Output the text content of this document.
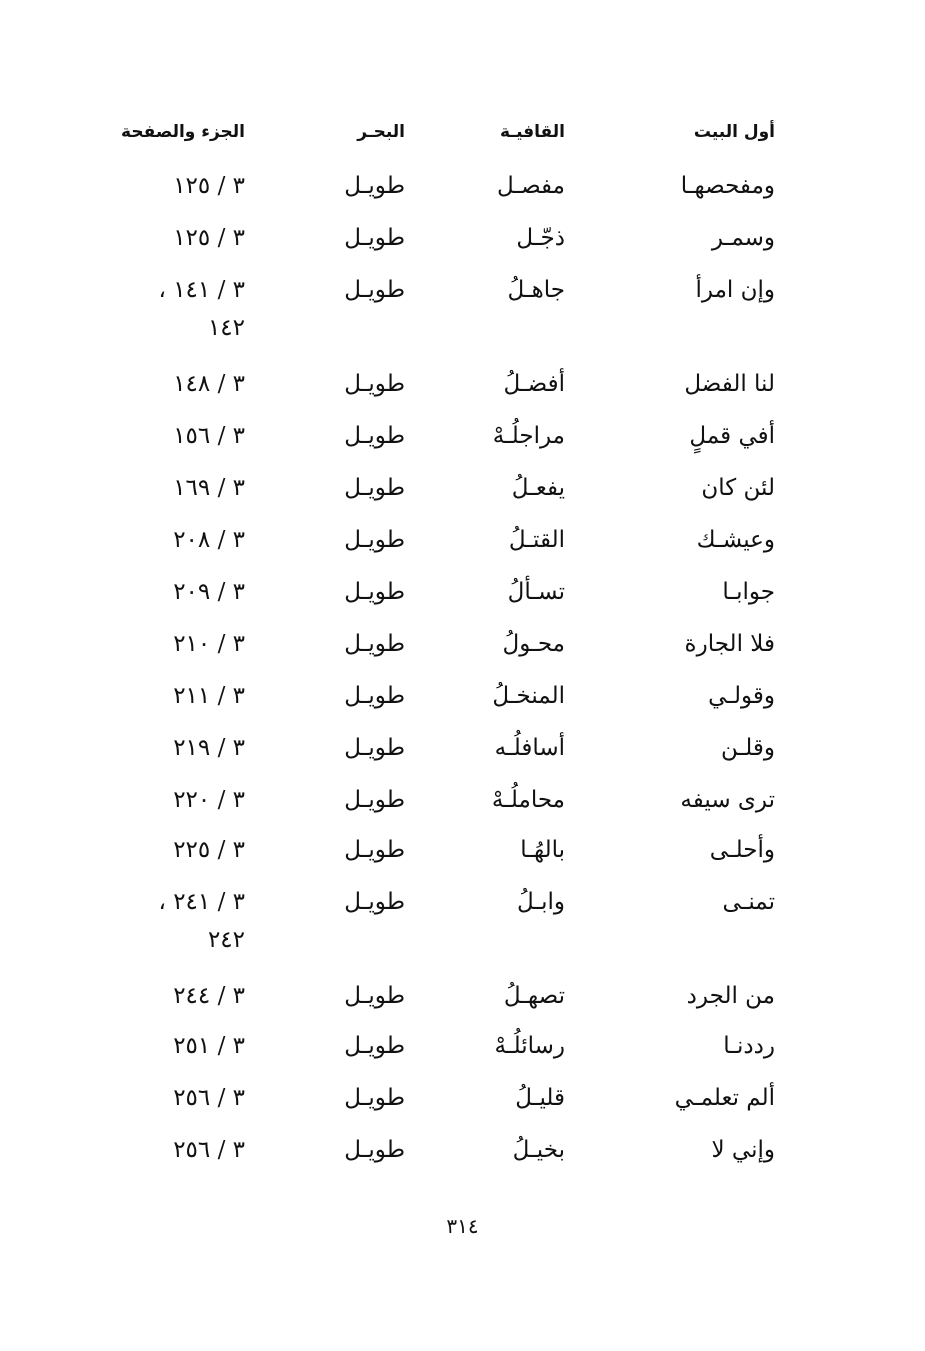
أول البيت
القافيـة
البحـر
الجزء والصفحة
ومفحصهـا
مفصـل
طويـل
٣ / ١٢٥
وسمـر
ذجّـل
طويـل
٣ / ١٢٥
وإن امرأ
جاهـلُ
طويـل
٣ / ١٤١ ،
١٤٢
لنا الفضل
أفضـلُ
طويـل
٣ / ١٤٨
أفي قملٍ
مراجلُـهْ
طويـل
٣ / ١٥٦
لئن كان
يفعـلُ
طويـل
٣ / ١٦٩
وعيشـك
القتـلُ
طويـل
٣ / ٢٠٨
جوابـا
تسـألُ
طويـل
٣ / ٢٠٩
فلا الجارة
محـولُ
طويـل
٣ / ٢١٠
وقولـي
المنخـلُ
طويـل
٣ / ٢١١
وقلـن
أسافلُـه
طويـل
٣ / ٢١٩
ترى سيفه
محاملُـهْ
طويـل
٣ / ٢٢٠
وأحلـى
بالهُـا
طويـل
٣ / ٢٢٥
تمنـى
وابـلُ
طويـل
٣ / ٢٤١ ،
٢٤٢
من الجرد
تصهـلُ
طويـل
٣ / ٢٤٤
رددنـا
رسائلُـهْ
طويـل
٣ / ٢٥١
ألم تعلمـي
قليـلُ
طويـل
٣ / ٢٥٦
وإني لا
بخيـلُ
طويـل
٣ / ٢٥٦
٣١٤
